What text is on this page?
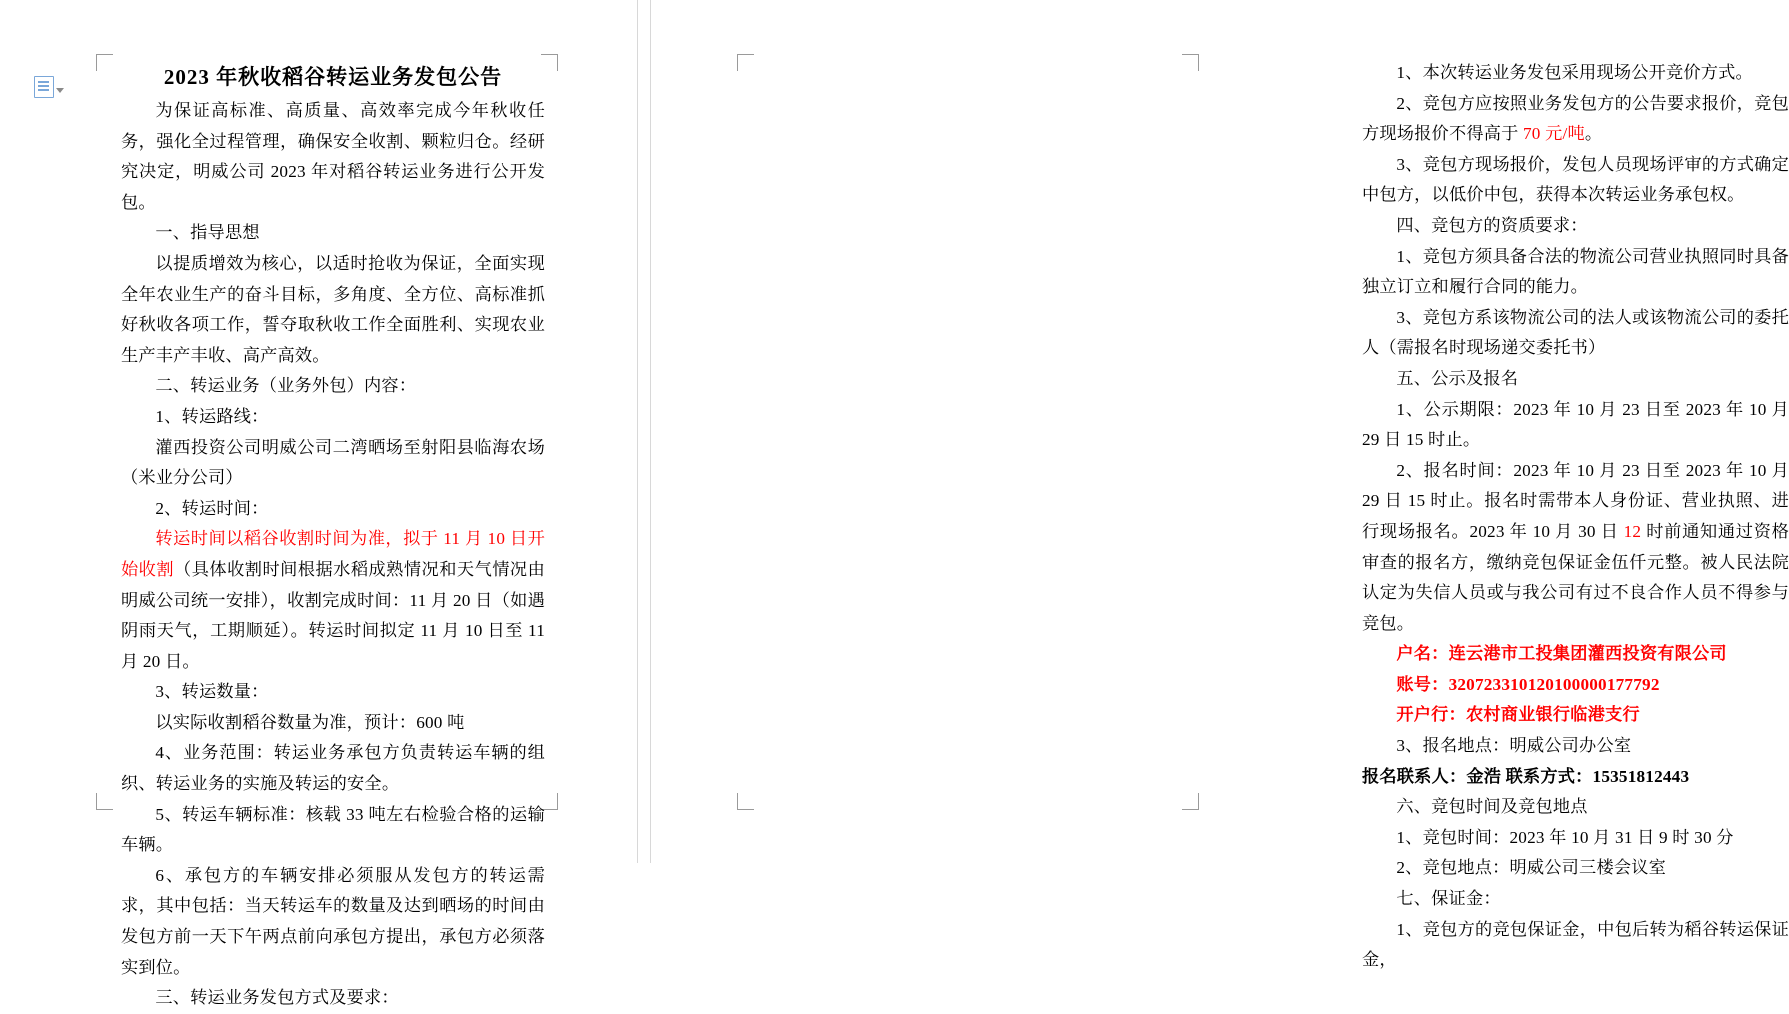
2023 年秋收稻谷转运业务发包公告

为保证高标准、高质量、高效率完成今年秋收任务，强化全过程管理，确保安全收割、颗粒归仓。经研究决定，明威公司 2023 年对稻谷转运业务进行公开发包。

一、指导思想

以提质增效为核心，以适时抢收为保证，全面实现全年农业生产的奋斗目标，多角度、全方位、高标准抓好秋收各项工作，誓夺取秋收工作全面胜利、实现农业生产丰产丰收、高产高效。

二、转运业务（业务外包）内容：

1、转运路线：

灌西投资公司明威公司二湾晒场至射阳县临海农场（米业分公司）

2、转运时间：

转运时间以稻谷收割时间为准，拟于 11 月 10 日开始收割（具体收割时间根据水稻成熟情况和天气情况由明威公司统一安排），收割完成时间：11 月 20 日（如遇阴雨天气，工期顺延）。转运时间拟定 11 月 10 日至 11 月 20 日。

3、转运数量：

以实际收割稻谷数量为准，预计：600 吨

4、业务范围：转运业务承包方负责转运车辆的组织、转运业务的实施及转运的安全。

5、转运车辆标准：核载 33 吨左右检验合格的运输车辆。

6、承包方的车辆安排必须服从发包方的转运需求，其中包括：当天转运车的数量及达到晒场的时间由发包方前一天下午两点前向承包方提出，承包方必须落实到位。

三、转运业务发包方式及要求：

1、本次转运业务发包采用现场公开竞价方式。

2、竞包方应按照业务发包方的公告要求报价，竞包方现场报价不得高于 70 元/吨。

3、竞包方现场报价，发包人员现场评审的方式确定中包方，以低价中包，获得本次转运业务承包权。

四、竞包方的资质要求：

1、竞包方须具备合法的物流公司营业执照同时具备独立订立和履行合同的能力。

3、竞包方系该物流公司的法人或该物流公司的委托人（需报名时现场递交委托书）

五、公示及报名

1、公示期限：2023 年 10 月 23 日至 2023 年 10 月 29 日 15 时止。

2、报名时间：2023 年 10 月 23 日至 2023 年 10 月 29 日 15 时止。报名时需带本人身份证、营业执照、进行现场报名。2023 年 10 月 30 日 12 时前通知通过资格审查的报名方，缴纳竞包保证金伍仟元整。被人民法院认定为失信人员或与我公司有过不良合作人员不得参与竞包。

户名：连云港市工投集团灌西投资有限公司

账号：320723310120100000177792

开户行：农村商业银行临港支行

3、报名地点：明威公司办公室

报名联系人：金浩 联系方式：15351812443

六、竞包时间及竞包地点

1、竞包时间：2023 年 10 月 31 日 9 时 30 分

2、竞包地点：明威公司三楼会议室

七、保证金：

1、竞包方的竞包保证金，中包后转为稻谷转运保证金，
